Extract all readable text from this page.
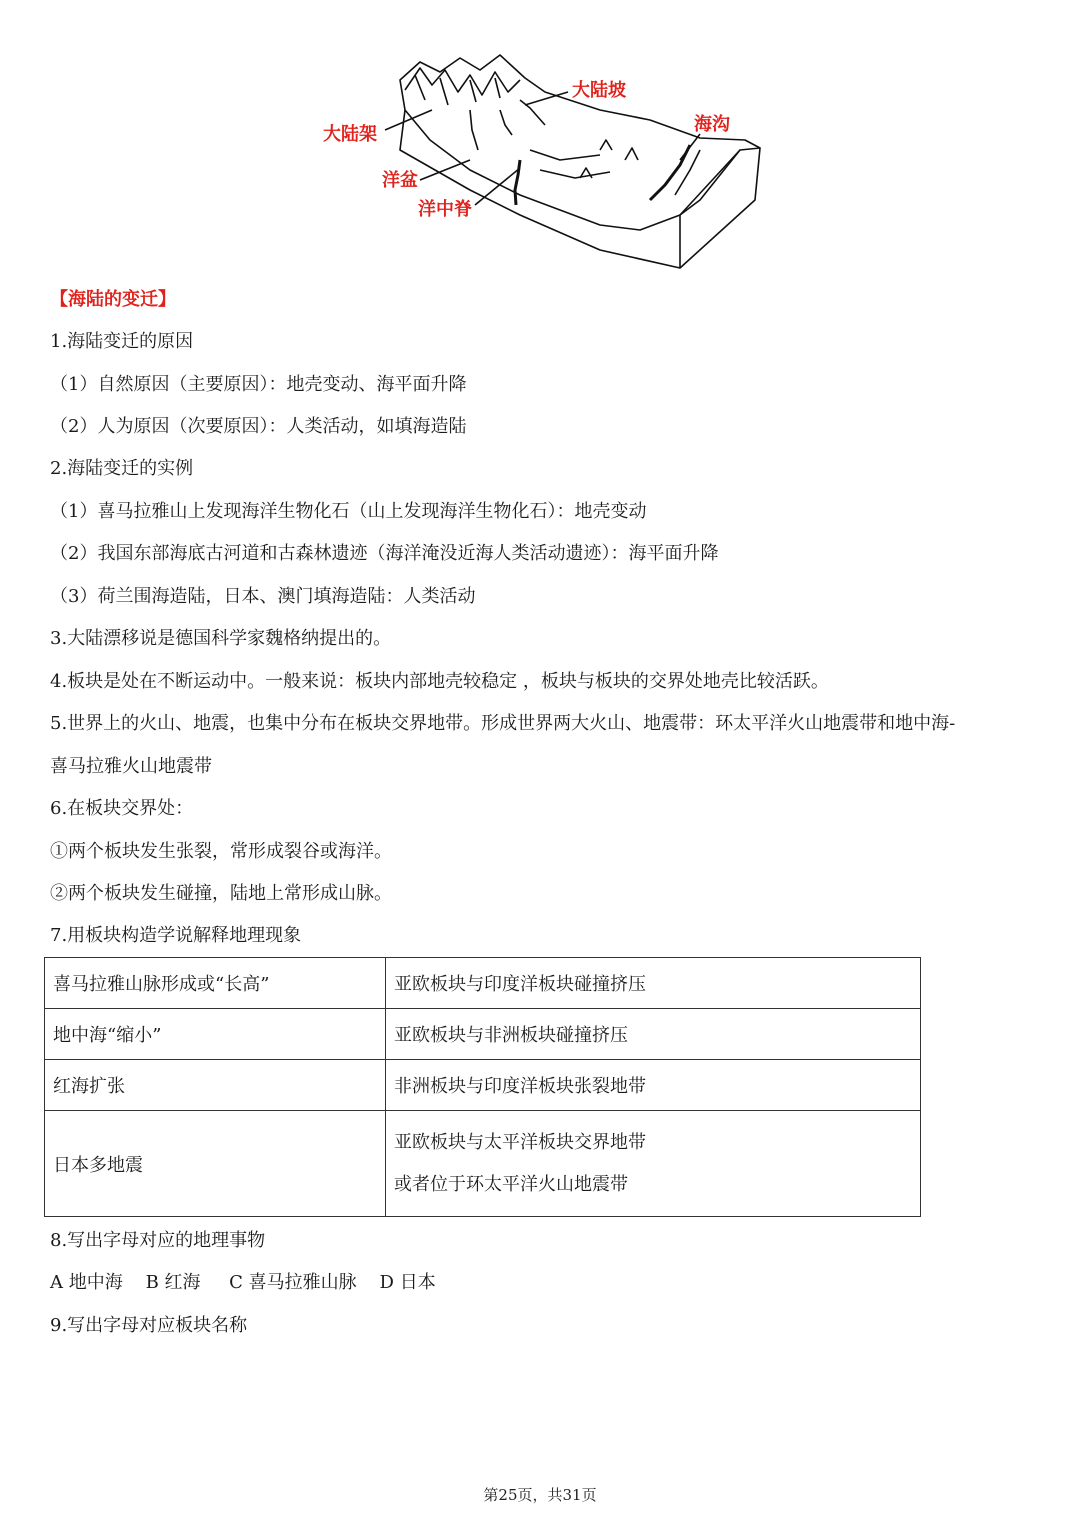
大陆坡
海沟
大陆架
洋盆
洋中脊
【海陆的变迁】
1.海陆变迁的原因
（1）自然原因（主要原因）：地壳变动、海平面升降
（2）人为原因（次要原因）：人类活动，如填海造陆
2.海陆变迁的实例
（1）喜马拉雅山上发现海洋生物化石（山上发现海洋生物化石）：地壳变动
（2）我国东部海底古河道和古森林遗迹（海洋淹没近海人类活动遗迹）：海平面升降
（3）荷兰围海造陆，日本、澳门填海造陆：人类活动
3.大陆漂移说是德国科学家魏格纳提出的。
4.板块是处在不断运动中。一般来说：板块内部地壳较稳定 ，板块与板块的交界处地壳比较活跃。
5.世界上的火山、地震，也集中分布在板块交界地带。形成世界两大火山、地震带：环太平洋火山地震带和地中海-
喜马拉雅火山地震带
6.在板块交界处：
①两个板块发生张裂，常形成裂谷或海洋。
②两个板块发生碰撞，陆地上常形成山脉。
7.用板块构造学说解释地理现象
喜马拉雅山脉形成或“长高”	亚欧板块与印度洋板块碰撞挤压
地中海“缩小”	亚欧板块与非洲板块碰撞挤压
红海扩张	非洲板块与印度洋板块张裂地带
日本多地震	亚欧板块与太平洋板块交界地带
或者位于环太平洋火山地震带
8.写出字母对应的地理事物
A 地中海    B 红海     C 喜马拉雅山脉    D 日本
9.写出字母对应板块名称
第25页，共31页
